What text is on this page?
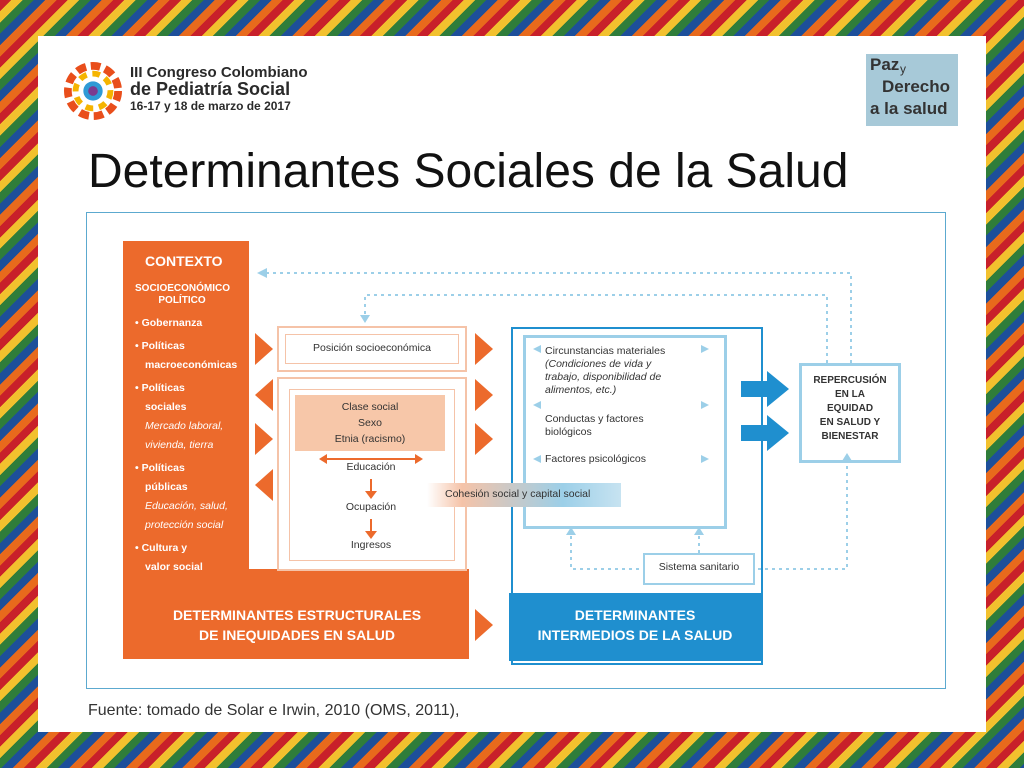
III Congreso Colombiano
de Pediatría Social
16-17 y 18 de marzo de 2017
Paz y
Derecho
a la salud
Determinantes Sociales de la Salud
CONTEXTO
SOCIOECONÓMICO
POLÍTICO
• Gobernanza
• Políticas
macroeconómicas
• Políticas
sociales
Mercado laboral,
vivienda, tierra
• Políticas
públicas
Educación, salud,
protección social
• Cultura y
valor social
DETERMINANTES ESTRUCTURALES
DE INEQUIDADES EN SALUD
Posición socioeconómica
Clase social
Sexo
Etnia (racismo)
Educación
Ocupación
Ingresos
DETERMINANTES
INTERMEDIOS DE LA SALUD
Circunstancias materiales
(Condiciones de vida y
trabajo, disponibilidad de
alimentos, etc.)
Conductas y factores
biológicos
Factores psicológicos
Cohesión social y capital social
Sistema sanitario
REPERCUSIÓN
EN LA
EQUIDAD
EN SALUD Y
BIENESTAR
Fuente: tomado de Solar e Irwin, 2010 (OMS, 2011),
